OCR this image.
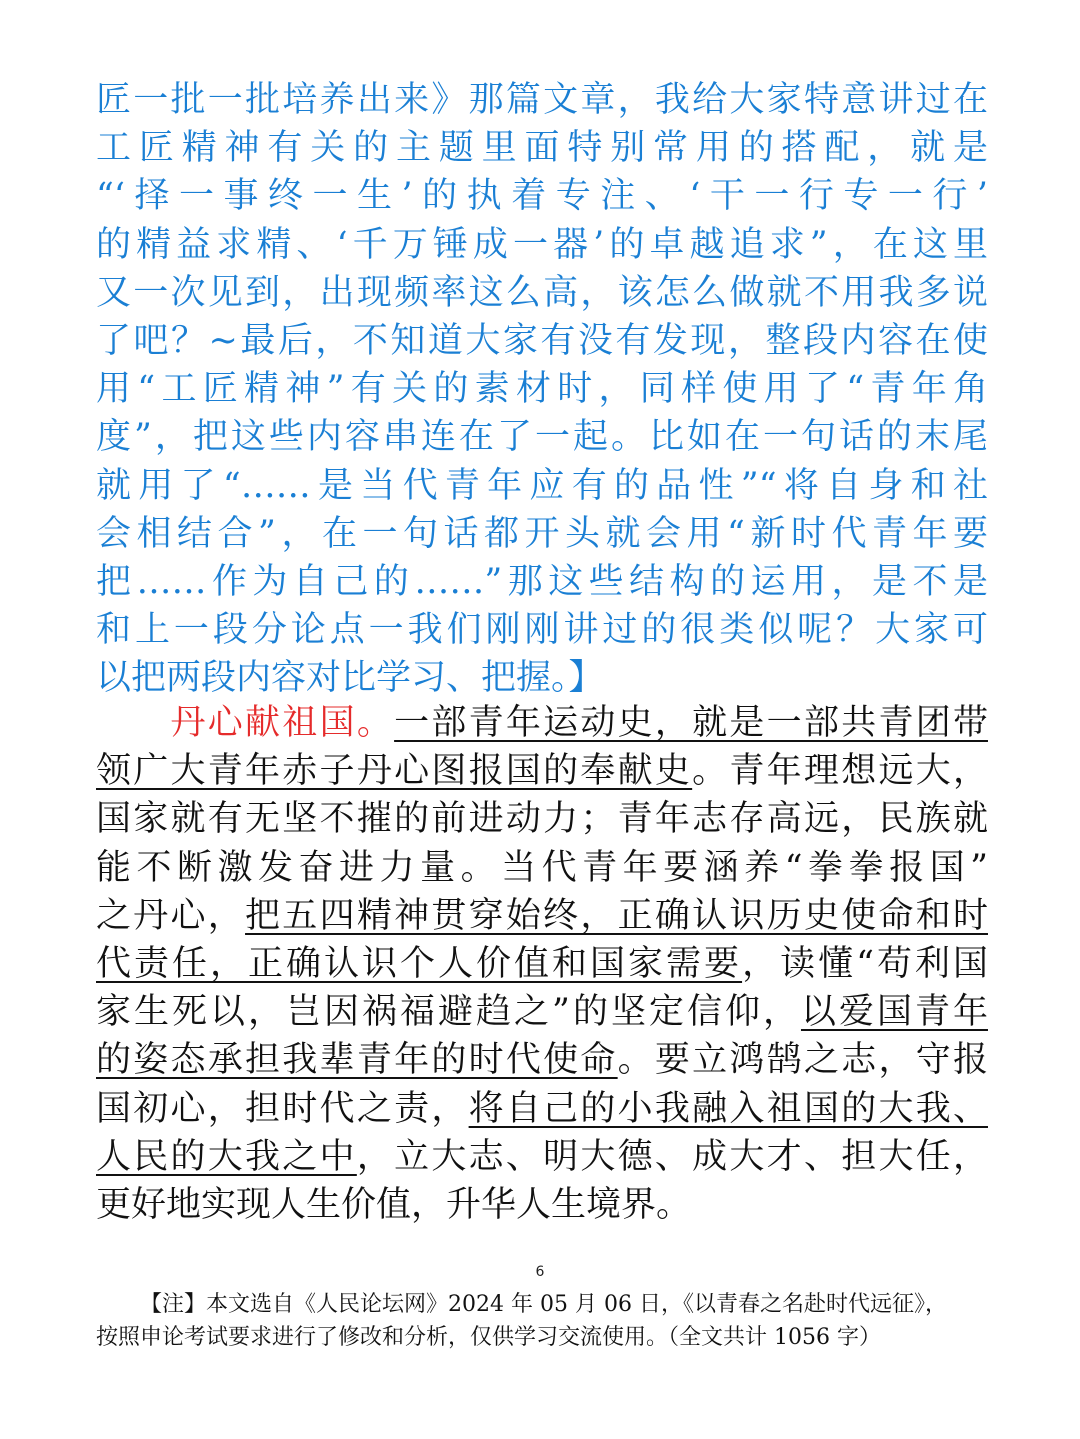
匠一批一批培养出来》那篇文章，我给大家特意讲过在
工匠精神有关的主题里面特别常用的搭配，就是
“‘择一事终一生’的执着专注、‘干一行专一行’
的精益求精、‘千万锤成一器’的卓越追求”，在这里
又一次见到，出现频率这么高，该怎么做就不用我多说
了吧？~最后，不知道大家有没有发现，整段内容在使
用“工匠精神”有关的素材时，同样使用了“青年角
度”，把这些内容串连在了一起。比如在一句话的末尾
就用了“……是当代青年应有的品性”“将自身和社
会相结合”，在一句话都开头就会用“新时代青年要
把……作为自己的……”那这些结构的运用，是不是
和上一段分论点一我们刚刚讲过的很类似呢？大家可
以把两段内容对比学习、把握。】
　　丹心献祖国。一部青年运动史，就是一部共青团带
领广大青年赤子丹心图报国的奉献史。青年理想远大，
国家就有无坚不摧的前进动力；青年志存高远，民族就
能不断激发奋进力量。当代青年要涵养“拳拳报国”
之丹心，把五四精神贯穿始终，正确认识历史使命和时
代责任，正确认识个人价值和国家需要，读懂“苟利国
家生死以，岂因祸福避趋之”的坚定信仰，以爱国青年
的姿态承担我辈青年的时代使命。要立鸿鹄之志，守报
国初心，担时代之责，将自己的小我融入祖国的大我、
人民的大我之中，立大志、明大德、成大才、担大任，
更好地实现人生价值，升华人生境界。
6
【注】本文选自《人民论坛网》2024 年 05 月 06 日，《以青春之名赴时代远征》，
按照申论考试要求进行了修改和分析，仅供学习交流使用。（全文共计 1056 字）
